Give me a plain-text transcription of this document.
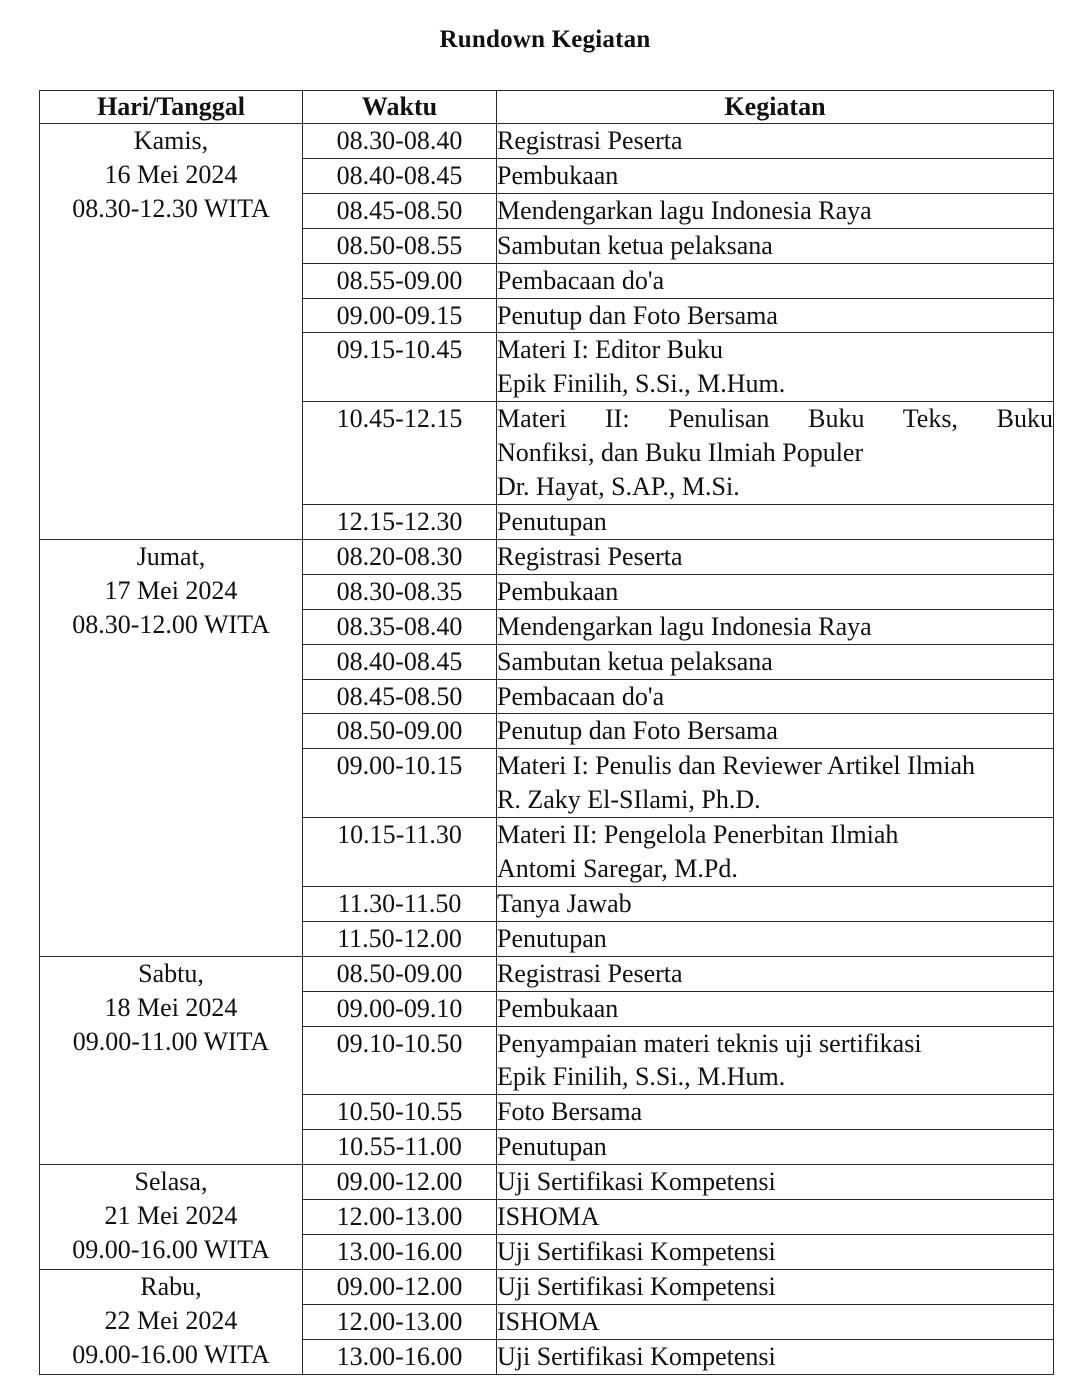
Rundown Kegiatan
Hari/Tanggal	Waktu	Kegiatan

Kamis,
16 Mei 2024
08.30-12.30 WITA	08.30-08.40	Registrasi Peserta

	08.40-08.45	Pembukaan

	08.45-08.50	Mendengarkan lagu Indonesia Raya

	08.50-08.55	Sambutan ketua pelaksana

	08.55-09.00	Pembacaan do'a

	09.00-09.15	Penutup dan Foto Bersama

	09.15-10.45	Materi I: Editor Buku
Epik Finilih, S.Si., M.Hum.

	10.45-12.15	Materi II: Penulisan Buku Teks, Buku
Nonfiksi, dan Buku Ilmiah Populer
Dr. Hayat, S.AP., M.Si.

	12.15-12.30	Penutupan

Jumat,
17 Mei 2024
08.30-12.00 WITA	08.20-08.30	Registrasi Peserta

	08.30-08.35	Pembukaan

	08.35-08.40	Mendengarkan lagu Indonesia Raya

	08.40-08.45	Sambutan ketua pelaksana

	08.45-08.50	Pembacaan do'a

	08.50-09.00	Penutup dan Foto Bersama

	09.00-10.15	Materi I: Penulis dan Reviewer Artikel Ilmiah
R. Zaky El-SIlami, Ph.D.

	10.15-11.30	Materi II: Pengelola Penerbitan Ilmiah
Antomi Saregar, M.Pd.

	11.30-11.50	Tanya Jawab

	11.50-12.00	Penutupan

Sabtu,
18 Mei 2024
09.00-11.00 WITA	08.50-09.00	Registrasi Peserta

	09.00-09.10	Pembukaan

	09.10-10.50	Penyampaian materi teknis uji sertifikasi
Epik Finilih, S.Si., M.Hum.

	10.50-10.55	Foto Bersama

	10.55-11.00	Penutupan

Selasa,
21 Mei 2024
09.00-16.00 WITA	09.00-12.00	Uji Sertifikasi Kompetensi

	12.00-13.00	ISHOMA

	13.00-16.00	Uji Sertifikasi Kompetensi

Rabu,
22 Mei 2024
09.00-16.00 WITA	09.00-12.00	Uji Sertifikasi Kompetensi

	12.00-13.00	ISHOMA

	13.00-16.00	Uji Sertifikasi Kompetensi
